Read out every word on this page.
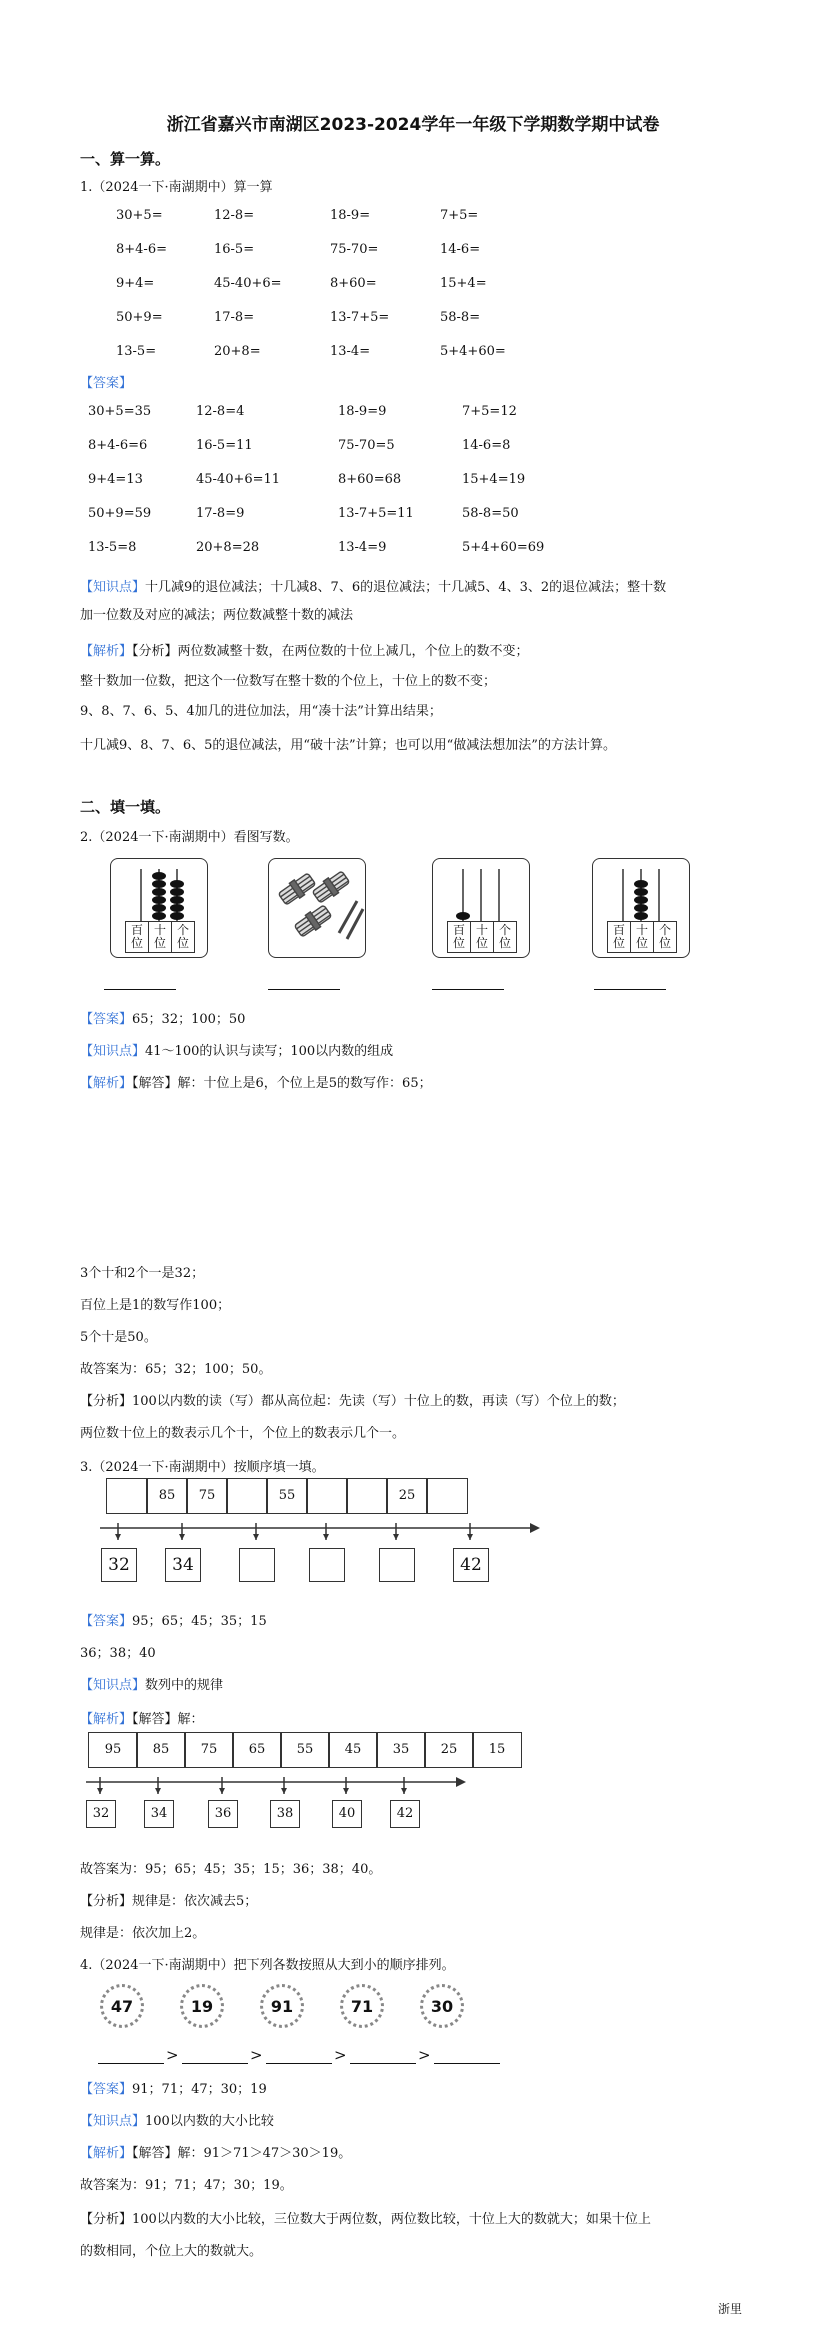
浙江省嘉兴市南湖区2023-2024学年一年级下学期数学期中试卷
一、算一算。
1.（2024一下·南湖期中）算一算
30+5=	12-8=	18-9=	7+5=
8+4-6=	16-5=	75-70=	14-6=
9+4=	45-40+6=	8+60=	15+4=
50+9=	17-8=	13-7+5=	58-8=
13-5=	20+8=	13-4=	5+4+60=
【答案】
30+5=35	12-8=4	18-9=9	7+5=12
8+4-6=6	16-5=11	75-70=5	14-6=8
9+4=13	45-40+6=11	8+60=68	15+4=19
50+9=59	17-8=9	13-7+5=11	58-8=50
13-5=8	20+8=28	13-4=9	5+4+60=69
【知识点】十几减9的退位减法；十几减8、7、6的退位减法；十几减5、4、3、2的退位减法；整十数
加一位数及对应的减法；两位数减整十数的减法
【解析】【分析】两位数减整十数，在两位数的十位上减几，个位上的数不变；
整十数加一位数，把这个一位数写在整十数的个位上，十位上的数不变；
9、8、7、6、5、4加几的进位加法，用“凑十法”计算出结果；
十几减9、8、7、6、5的退位减法，用“破十法”计算；也可以用“做减法想加法”的方法计算。
二、填一填。
2.（2024一下·南湖期中）看图写数。
百位
十位
个位
百位
十位
个位
百位
十位
个位
【答案】65；32；100；50
【知识点】41～100的认识与读写；100以内数的组成
【解析】【解答】解：十位上是6，个位上是5的数写作：65；
3个十和2个一是32；
百位上是1的数写作100；
5个十是50。
故答案为：65；32；100；50。
【分析】100以内数的读（写）都从高位起：先读（写）十位上的数，再读（写）个位上的数；
两位数十位上的数表示几个十，个位上的数表示几个一。
3.（2024一下·南湖期中）按顺序填一填。
85	75	55	25
32	34	42
【答案】95；65；45；35；15
36；38；40
【知识点】数列中的规律
【解析】【解答】解：
95	85	75	65	55	45	35	25	15
32	34	36	38	40	42
故答案为：95；65；45；35；15；36；38；40。
【分析】规律是：依次减去5；
规律是：依次加上2。
4.（2024一下·南湖期中）把下列各数按照从大到小的顺序排列。
47	19	91	71	30
>	>	>	>
【答案】91；71；47；30；19
【知识点】100以内数的大小比较
【解析】【解答】解：91＞71＞47＞30＞19。
故答案为：91；71；47；30；19。
【分析】100以内数的大小比较，三位数大于两位数，两位数比较，十位上大的数就大；如果十位上
的数相同，个位上大的数就大。
浙里
